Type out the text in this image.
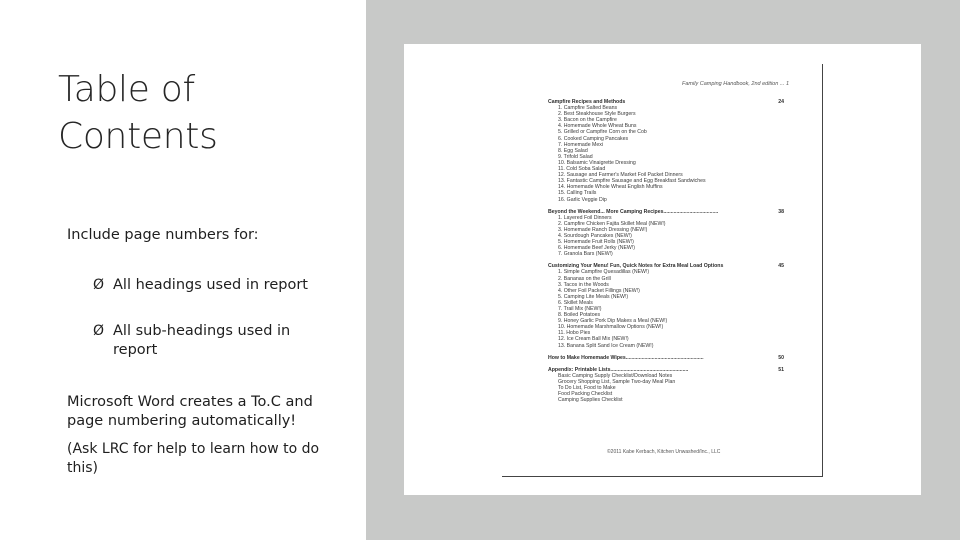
Table of
Contents
Include page numbers for:
Ø All headings used in report
Ø All sub-headings used in report
Microsoft Word creates a To.C and page numbering automatically!
(Ask LRC for help to learn how to do this)
Family Camping Handbook, 2nd edition ... 1
Campfire Recipes and Methods	24
1. Campfire Salted Beans
2. Best Steakhouse Style Burgers
3. Bacon on the Campfire
4. Homemade Whole Wheat Buns
5. Grilled or Campfire Corn on the Cob
6. Cooked Camping Pancakes
7. Homemade Mexi
8. Egg Salad
9. Trifold Salad
10. Balsamic Vinaigrette Dressing
11. Cold Soba Salad
12. Sausage and Farmer's Market Foil Packet Dinners
13. Fantastic Campfire Sausage and Egg Breakfast Sandwiches
14. Homemade Whole Wheat English Muffins
15. Calling Trails
16. Garlic Veggie Dip
Beyond the Weekend... More Camping Recipes......................................	38
1. Layered Foil Dinners
2. Campfire Chicken Fajita Skillet Meal (NEW!)
3. Homemade Ranch Dressing (NEW!)
4. Sourdough Pancakes (NEW!)
5. Homemade Fruit Rolls (NEW!)
6. Homemade Beef Jerky (NEW!)
7. Granola Bars (NEW!)
Customizing Your Menu! Fun, Quick Notes for Extra Meal Load Options	45
1. Simple Campfire Quesadillas (NEW!)
2. Bananas on the Grill
3. Tacos in the Woods
4. Other Foil Packet Fillings (NEW!)
5. Camping Lite Meals (NEW!)
6. Skillet Meals
7. Trail Mix (NEW!)
8. Boiled Potatoes
9. Honey Garlic Pork Dip Makes a Meal (NEW!)
10. Homemade Marshmallow Options (NEW!)
11. Hobo Pies
12. Ice Cream Ball Mix (NEW!)
13. Banana Split Sand Ice Cream (NEW!)
How to Make Homemade Wipes......................................................	50
Appendix: Printable Lists......................................................	51
Basic Camping Supply Checklist/Download Notes
Grocery Shopping List, Sample Two-day Meal Plan
To Do List, Food to Make
Food Packing Checklist
Camping Supplies Checklist
©2011 Kabe Kerbach, Kitchen Unwashed/Inc., LLC
